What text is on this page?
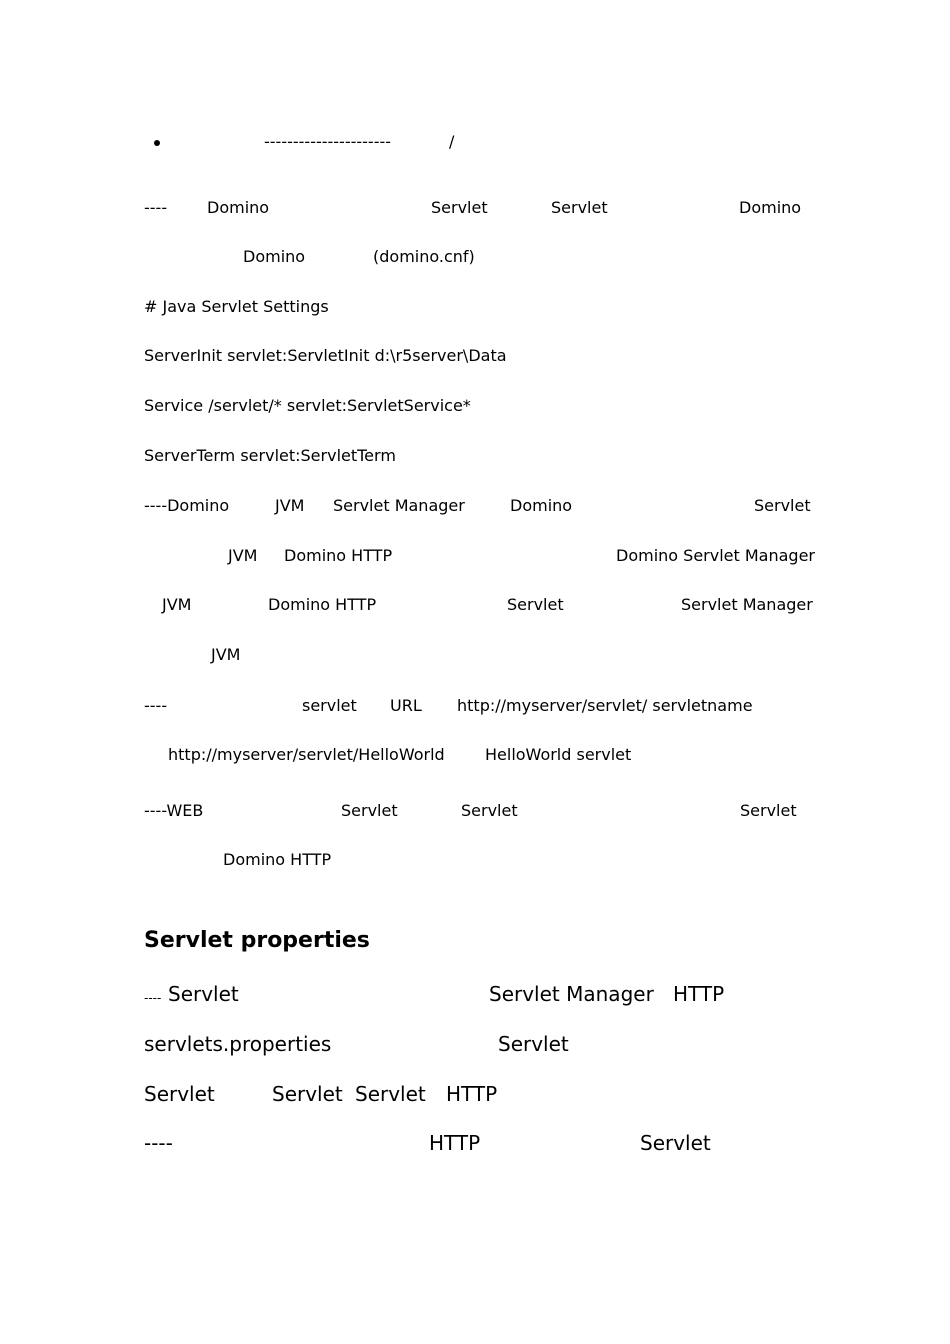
----------------------	/
---- Domino	Servlet	Servlet	Domino
Domino	(domino.cnf)
# Java Servlet Settings
ServerInit servlet:ServletInit d:\r5server\Data
Service /servlet/* servlet:ServletService*
ServerTerm servlet:ServletTerm
----Domino	JVM Servlet Manager	Domino	Servlet
JVM Domino HTTP	Domino Servlet Manager
JVM	Domino HTTP	Servlet	Servlet Manager
JVM
----	servlet URL http://myserver/servlet/ servletname
http://myserver/servlet/HelloWorld	HelloWorld servlet
----WEB	Servlet	Servlet	Servlet
Domino HTTP
Servlet properties
---- Servlet	Servlet Manager HTTP
servlets.properties	Servlet
Servlet	Servlet Servlet HTTP
----	HTTP	Servlet
